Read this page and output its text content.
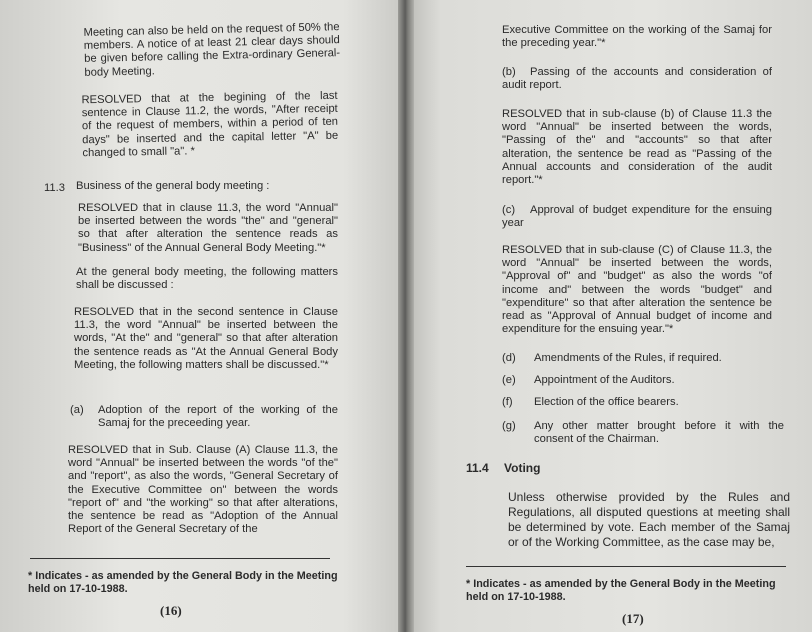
Meeting can also be held on the request of 50% the members. A notice of at least 21 clear days should be given before calling the Extra-ordinary General-body Meeting.

RESOLVED that at the begining of the last sentence in Clause 11.2, the words, "After receipt of the request of members, within a period of ten days" be inserted and the capital letter "A" be changed to small "a". *

11.3 Business of the general body meeting :

RESOLVED that in clause 11.3, the word "Annual" be inserted between the words "the" and "general" so that after alteration the sentence reads as "Business" of the Annual General Body Meeting."*

At the general body meeting, the following matters shall be discussed :

RESOLVED that in the second sentence in Clause 11.3, the word "Annual" be inserted between the words, "At the" and "general" so that after alteration the sentence reads as "At the Annual General Body Meeting, the following matters shall be discussed."*

(a) Adoption of the report of the working of the Samaj for the preceeding year.

RESOLVED that in Sub. Clause (A) Clause 11.3, the word "Annual" be inserted between the words "of the" and "report", as also the words, "General Secretary of the Executive Committee on" between the words "report of" and "the working" so that after alterations, the sentence be read as "Adoption of the Annual Report of the General Secretary of the

* Indicates - as amended by the General Body in the Meeting held on 17-10-1988.

(16)

Executive Committee on the working of the Samaj for the preceding year."*

(b)	Passing of the accounts and consideration of audit report.

RESOLVED that in sub-clause (b) of Clause 11.3 the word "Annual" be inserted between the words, "Passing of the" and "accounts" so that after alteration, the sentence be read as "Passing of the Annual accounts and consideration of the audit report."*

(c)	Approval of budget expenditure for the ensuing year

RESOLVED that in sub-clause (C) of Clause 11.3, the word "Annual" be inserted between the words, "Approval of" and "budget" as also the words "of income and" between the words "budget" and "expenditure" so that after alteration the sentence be read as "Approval of Annual budget of income and expenditure for the ensuing year."*

(d) Amendments of the Rules, if required.

(e) Appointment of the Auditors.

(f) Election of the office bearers.

(g) Any other matter brought before it with the consent of the Chairman.

11.4 Voting

Unless otherwise provided by the Rules and Regulations, all disputed questions at meeting shall be determined by vote. Each member of the Samaj or of the Working Committee, as the case may be,

* Indicates - as amended by the General Body in the Meeting held on 17-10-1988.

(17)
